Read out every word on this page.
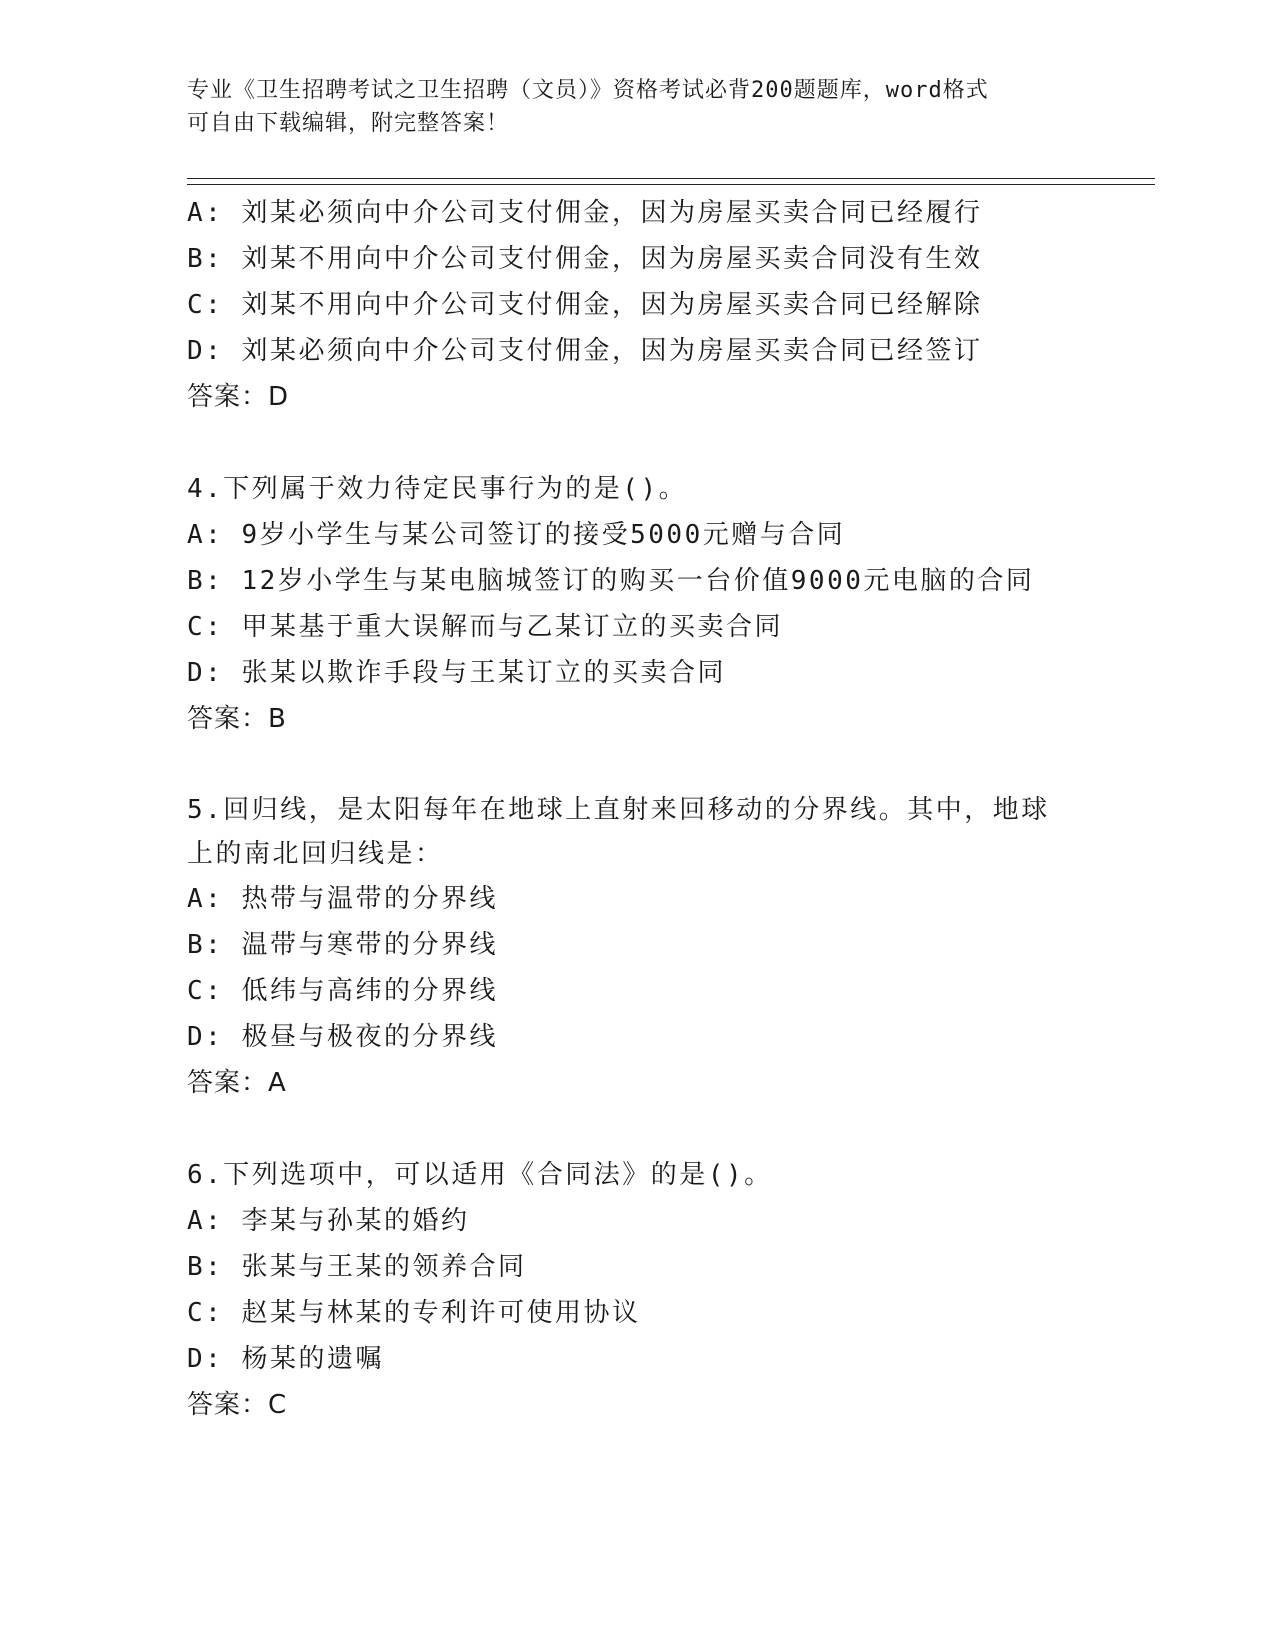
专业《卫生招聘考试之卫生招聘（文员）》资格考试必背200题题库，word格式
可自由下载编辑，附完整答案！
A: 刘某必须向中介公司支付佣金，因为房屋买卖合同已经履行
B: 刘某不用向中介公司支付佣金，因为房屋买卖合同没有生效
C: 刘某不用向中介公司支付佣金，因为房屋买卖合同已经解除
D: 刘某必须向中介公司支付佣金，因为房屋买卖合同已经签订
答案：D
4.下列属于效力待定民事行为的是()。
A: 9岁小学生与某公司签订的接受5000元赠与合同
B: 12岁小学生与某电脑城签订的购买一台价值9000元电脑的合同
C: 甲某基于重大误解而与乙某订立的买卖合同
D: 张某以欺诈手段与王某订立的买卖合同
答案：B
5.回归线，是太阳每年在地球上直射来回移动的分界线。其中，地球
上的南北回归线是：
A: 热带与温带的分界线
B: 温带与寒带的分界线
C: 低纬与高纬的分界线
D: 极昼与极夜的分界线
答案：A
6.下列选项中，可以适用《合同法》的是()。
A: 李某与孙某的婚约
B: 张某与王某的领养合同
C: 赵某与林某的专利许可使用协议
D: 杨某的遗嘱
答案：C
